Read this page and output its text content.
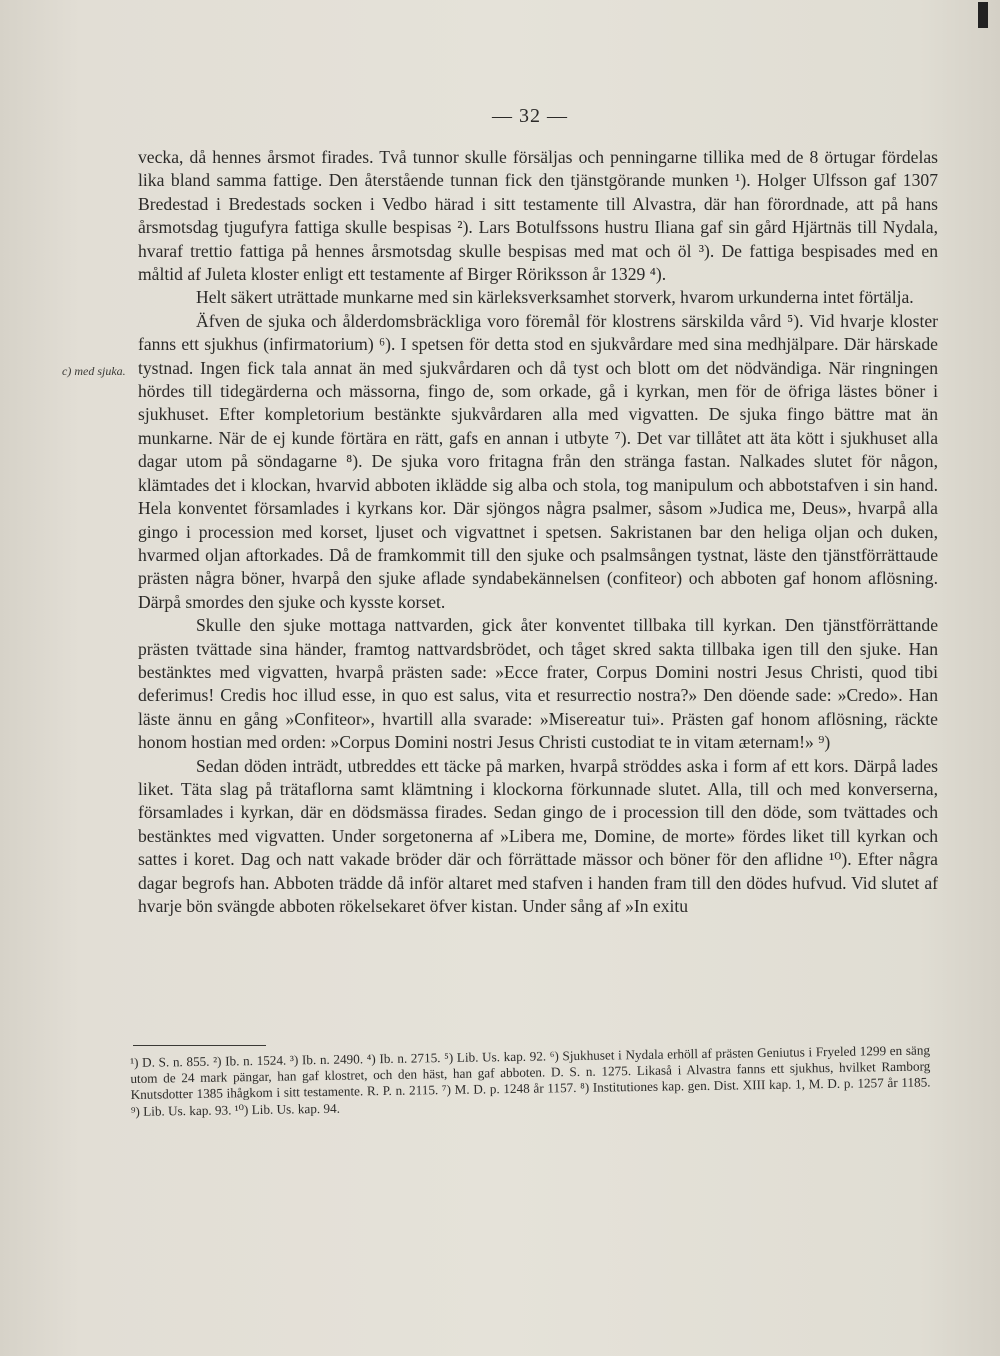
— 32 —
c) med sjuka.

vecka, då hennes årsmot firades. Två tunnor skulle försäljas och penningarne tillika med de 8 örtugar fördelas lika bland samma fattige. Den återstående tunnan fick den tjänstgörande munken ¹). Holger Ulfsson gaf 1307 Bredestad i Bredestads socken i Vedbo härad i sitt testamente till Alvastra, där han förordnade, att på hans årsmotsdag tjugufyra fattiga skulle bespisas ²). Lars Botulfssons hustru Iliana gaf sin gård Hjärtnäs till Nydala, hvaraf trettio fattiga på hennes årsmotsdag skulle bespisas med mat och öl ³). De fattiga bespisades med en måltid af Juleta kloster enligt ett testamente af Birger Rörіksson år 1329 ⁴).

Helt säkert uträttade munkarne med sin kärleksverksamhet storverk, hvarom urkunderna intet förtälja.

Äfven de sjuka och ålderdomsbräckliga voro föremål för klostrens särskilda vård ⁵). Vid hvarje kloster fanns ett sjukhus (infirmatorium) ⁶). I spetsen för detta stod en sjukvårdare med sina medhjälpare. Där härskade tystnad. Ingen fick tala annat än med sjukvårdaren och då tyst och blott om det nödvändiga. När ringningen hördes till tidegärderna och mässorna, fingo de, som orkade, gå i kyrkan, men för de öfriga lästes böner i sjukhuset. Efter kompletorium bestänkte sjukvårdaren alla med vigvatten. De sjuka fingo bättre mat än munkarne. När de ej kunde förtära en rätt, gafs en annan i utbyte ⁷). Det var tillåtet att äta kött i sjukhuset alla dagar utom på söndagarne ⁸). De sjuka voro fritagna från den stränga fastan. Nalkades slutet för någon, klämtades det i klockan, hvarvid abboten iklädde sig alba och stola, tog manipulum och abbotstafven i sin hand. Hela konventet församlades i kyrkans kor. Där sjöngos några psalmer, såsom »Judica me, Deus», hvarpå alla gingo i procession med korset, ljuset och vigvattnet i spetsen. Sakristanen bar den heliga oljan och duken, hvarmed oljan aftorkades. Då de framkommit till den sjuke och psalmsången tystnat, läste den tjänstförrättaude prästen några böner, hvarpå den sjuke aflade syndabekännelsen (confiteor) och abboten gaf honom aflösning. Därpå smordes den sjuke och kysste korset.

Skulle den sjuke mottaga nattvarden, gick åter konventet tillbaka till kyrkan. Den tjänstförrättande prästen tvättade sina händer, framtog nattvardsbrödet, och tåget skred sakta tillbaka igen till den sjuke. Han bestänktes med vigvatten, hvarpå prästen sade: »Ecce frater, Corpus Domini nostri Jesus Christi, quod tibi deferimus! Credis hoc illud esse, in quo est salus, vita et resurrectio nostra?» Den döende sade: »Credo». Han läste ännu en gång »Confiteor», hvartill alla svarade: »Misereatur tui». Prästen gaf honom aflösning, räckte honom hostian med orden: »Corpus Domini nostri Jesus Christi custodiat te in vitam æternam!» ⁹)

Sedan döden inträdt, utbreddes ett täcke på marken, hvarpå ströddes aska i form af ett kors. Därpå lades liket. Täta slag på trätaflorna samt klämtning i klockorna förkunnade slutet. Alla, till och med konverserna, församlades i kyrkan, där en dödsmässa firades. Sedan gingo de i procession till den döde, som tvättades och bestänktes med vigvatten. Under sorgetonerna af »Libera me, Domine, de morte» fördes liket till kyrkan och sattes i koret. Dag och natt vakade bröder där och förrättade mässor och böner för den aflidne ¹⁰). Efter några dagar begrofs han. Abboten trädde då inför altaret med stafven i handen fram till den dödes hufvud. Vid slutet af hvarje bön svängde abboten rökelsekaret öfver kistan. Under sång af »In exitu

¹) D. S. n. 855. ²) Ib. n. 1524. ³) Ib. n. 2490. ⁴) Ib. n. 2715. ⁵) Lib. Us. kap. 92. ⁶) Sjukhuset i Nydala erhöll af prästen Geniutus i Fryeled 1299 en säng utom de 24 mark pängar, han gaf klostret, och den häst, han gaf abboten. D. S. n. 1275. Likaså i Alvastra fanns ett sjukhus, hvilket Ramborg Knutsdotter 1385 ihågkom i sitt testamente. R. P. n. 2115. ⁷) M. D. p. 1248 år 1157. ⁸) Institutiones kap. gen. Dist. XIII kap. 1, M. D. p. 1257 år 1185. ⁹) Lib. Us. kap. 93. ¹⁰) Lib. Us. kap. 94.
